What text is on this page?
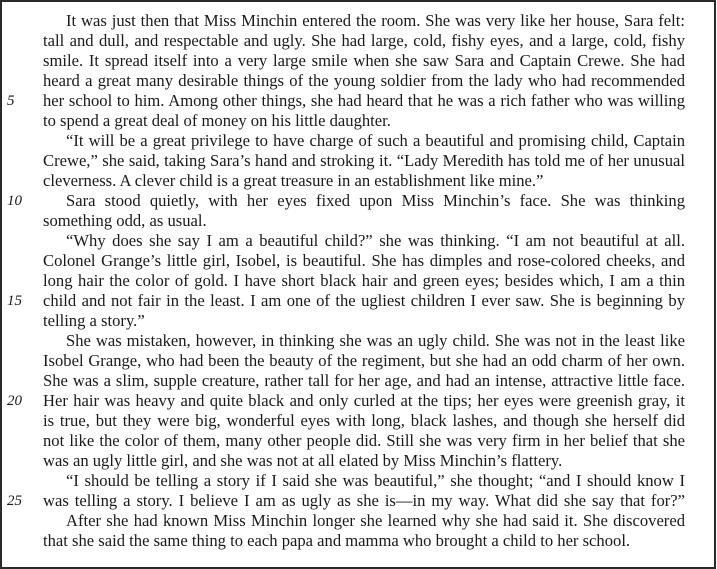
It was just then that Miss Minchin entered the room. She was very like her house, Sara felt:
tall and dull, and respectable and ugly. She had large, cold, fishy eyes, and a large, cold, fishy
smile. It spread itself into a very large smile when she saw Sara and Captain Crewe. She had
heard a great many desirable things of the young soldier from the lady who had recommended
5	her school to him. Among other things, she had heard that he was a rich father who was willing
to spend a great deal of money on his little daughter.
“It will be a great privilege to have charge of such a beautiful and promising child, Captain
Crewe,” she said, taking Sara’s hand and stroking it. “Lady Meredith has told me of her unusual
cleverness. A clever child is a great treasure in an establishment like mine.”
10	Sara stood quietly, with her eyes fixed upon Miss Minchin’s face. She was thinking
something odd, as usual.
“Why does she say I am a beautiful child?” she was thinking. “I am not beautiful at all.
Colonel Grange’s little girl, Isobel, is beautiful. She has dimples and rose-colored cheeks, and
long hair the color of gold. I have short black hair and green eyes; besides which, I am a thin
15	child and not fair in the least. I am one of the ugliest children I ever saw. She is beginning by
telling a story.”
She was mistaken, however, in thinking she was an ugly child. She was not in the least like
Isobel Grange, who had been the beauty of the regiment, but she had an odd charm of her own.
She was a slim, supple creature, rather tall for her age, and had an intense, attractive little face.
20	Her hair was heavy and quite black and only curled at the tips; her eyes were greenish gray, it
is true, but they were big, wonderful eyes with long, black lashes, and though she herself did
not like the color of them, many other people did. Still she was very firm in her belief that she
was an ugly little girl, and she was not at all elated by Miss Minchin’s flattery.
“I should be telling a story if I said she was beautiful,” she thought; “and I should know I
25	was telling a story. I believe I am as ugly as she is—in my way. What did she say that for?”
After she had known Miss Minchin longer she learned why she had said it. She discovered
that she said the same thing to each papa and mamma who brought a child to her school.
